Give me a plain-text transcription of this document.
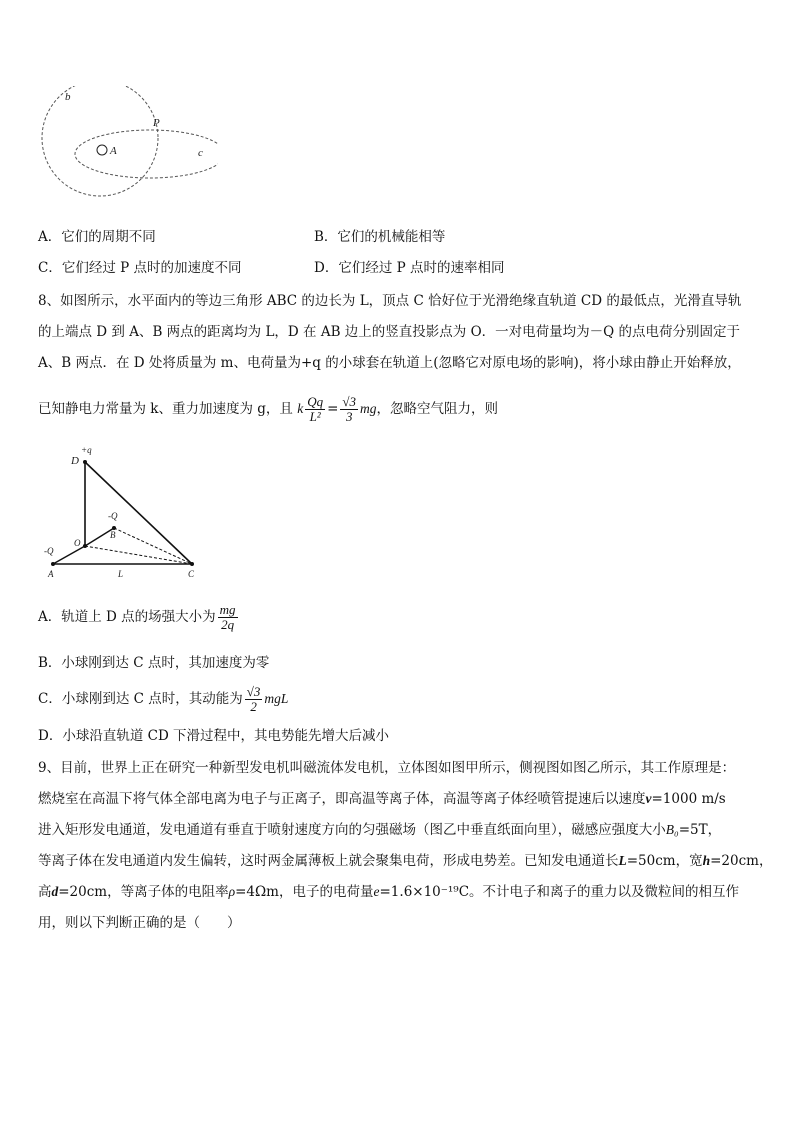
b
P
A	c
A．它们的周期不同	B．它们的机械能相等
C．它们经过 P 点时的加速度不同	D．它们经过 P 点时的速率相同
8、如图所示，水平面内的等边三角形 ABC 的边长为 L，顶点 C 恰好位于光滑绝缘直轨道 CD 的最低点，光滑直导轨
的上端点 D 到 A、B 两点的距离均为 L，D 在 AB 边上的竖直投影点为 O．一对电荷量均为－Q 的点电荷分别固定于
A、B 两点．在 D 处将质量为 m、电荷量为+q 的小球套在轨道上(忽略它对原电场的影响)，将小球由静止开始释放，
已知静电力常量为 k、重力加速度为 g，且 k $\frac{Qq}{\text{L²}} = \frac{√3}{3}$ mg，忽略空气阻力，则
D
+q
-Q
B
-Q
O
A	L	C
A．轨道上 D 点的场强大小为 $\frac{mg}{2q}$
B．小球刚到达 C 点时，其加速度为零
C．小球刚到达 C 点时，其动能为 $\frac{√3}{2}$ mgL
D．小球沿直轨道 CD 下滑过程中，其电势能先增大后减小
9、目前，世界上正在研究一种新型发电机叫磁流体发电机，立体图如图甲所示，侧视图如图乙所示，其工作原理是：
燃烧室在高温下将气体全部电离为电子与正离子，即高温等离子体，高温等离子体经喷管提速后以速度v=1000 m/s
进入矩形发电通道，发电通道有垂直于喷射速度方向的匀强磁场（图乙中垂直纸面向里），磁感应强度大小B₀=5T，
等离子体在发电通道内发生偏转，这时两金属薄板上就会聚集电荷，形成电势差。已知发电通道长L=50cm，宽h=20cm，
高d=20cm，等离子体的电阻率ρ=4Ωm，电子的电荷量e=1.6×10⁻¹⁹C。不计电子和离子的重力以及微粒间的相互作
用，则以下判断正确的是（　　）
